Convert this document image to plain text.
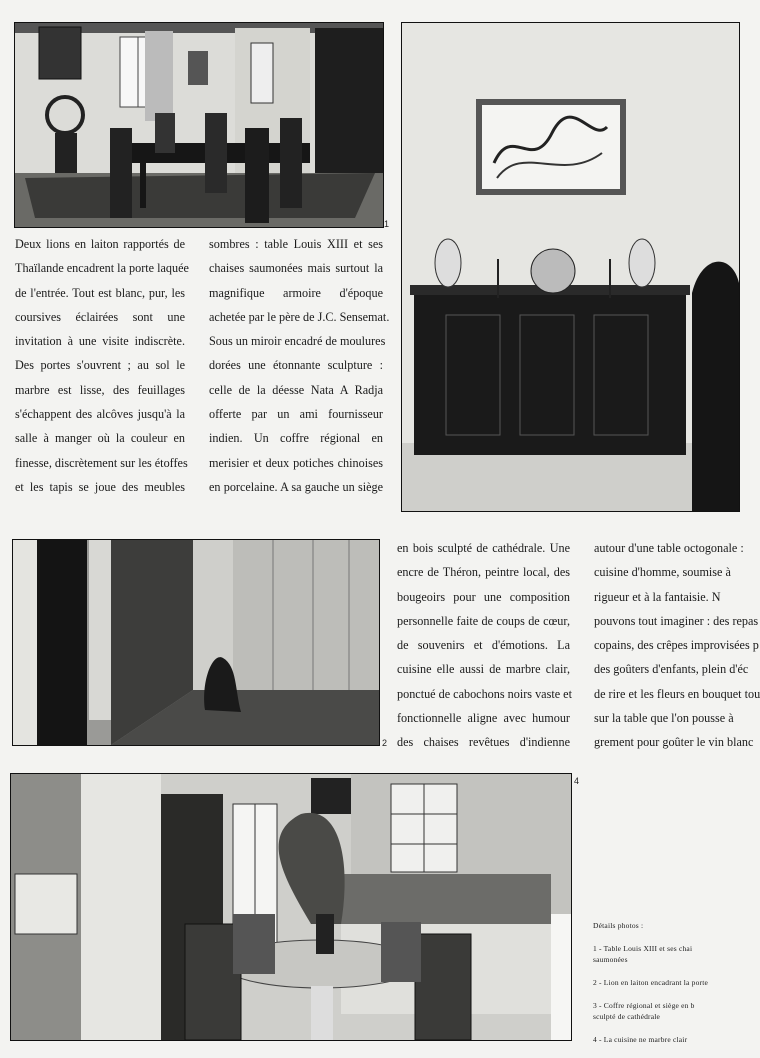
1
Deux lions en laiton rapportés de
Thaïlande encadrent la porte laquée
de l'entrée. Tout est blanc, pur, les
coursives éclairées sont une
invitation à une visite indiscrète.
Des portes s'ouvrent ; au sol le
marbre est lisse, des feuillages
s'échappent des alcôves jusqu'à la
salle à manger où la couleur en
finesse, discrètement sur les étoffes
et les tapis se joue des meubles
sombres : table Louis XIII et ses
chaises saumonées mais surtout la
magnifique armoire d'époque
achetée par le père de J.C. Sensemat.
Sous un miroir encadré de moulures
dorées une étonnante sculpture :
celle de la déesse Nata A Radja
offerte par un ami fournisseur
indien. Un coffre régional en
merisier et deux potiches chinoises
en porcelaine. A sa gauche un siège
2
en bois sculpté de cathédrale. Une
encre de Théron, peintre local, des
bougeoirs pour une composition
personnelle faite de coups de cœur,
de souvenirs et d'émotions. La
cuisine elle aussi de marbre clair,
ponctué de cabochons noirs vaste et
fonctionnelle aligne avec humour
des chaises revêtues d'indienne
autour d'une table octogonale :
cuisine d'homme, soumise à
rigueur et à la fantaisie. N
pouvons tout imaginer : des repas
copains, des crêpes improvisées p
des goûters d'enfants, plein d'éc
de rire et les fleurs en bouquet tou
sur la table que l'on pousse à
grement pour goûter le vin blanc
4
Détails photos :
1 - Table Louis XIII et ses chai
saumonées
2 - Lion en laiton encadrant la porte
3 - Coffre régional et siège en b
sculpté de cathédrale
4 - La cuisine ne marbre clair
